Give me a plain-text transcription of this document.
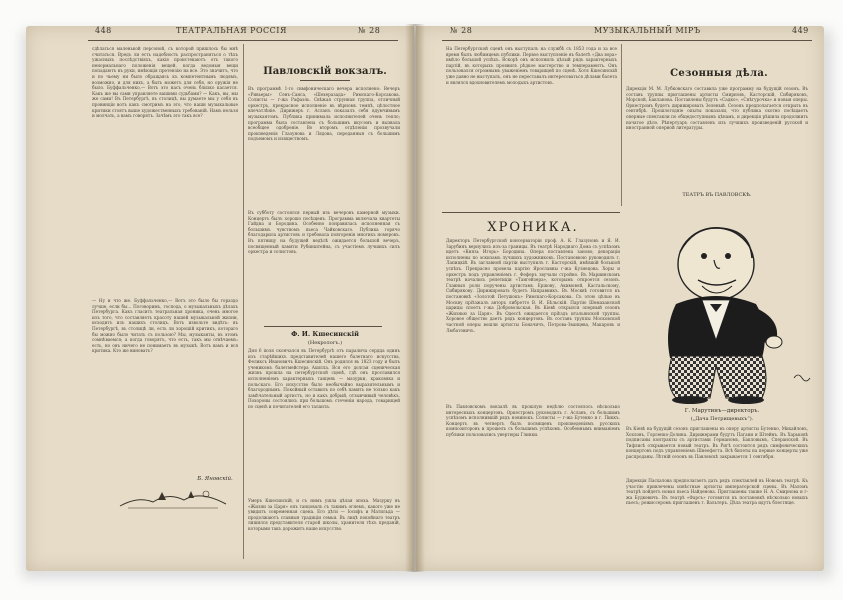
448	ТЕАТРАЛЬНАЯ РОССІЯ	№ 28
сдѣлаться маленькой персоной, съ которой пришлось бы мнѣ считаться. Вредъ ли есть надобность распространяться о тѣхъ ужасныхъ послѣдствіяхъ, какія проистекаютъ отъ такого ненормальнаго положенія вещей, когда ведомыя вещи попадаютъ въ руки, имѣющія претензію на все. Это значитъ, что и по чьему ни было обращаясь къ компетентнымъ людямъ, возможно, и для нихъ, а быть можетъ для себя, но оружія не было. Буффальченко,— Вотъ это насъ очень близко касается. Какъ же вы сами управляете вашими судьбами? — Какъ, вы, мы же сами! Въ Петербургѣ, въ столицѣ, вы думаете мы у себя въ провинціи вотъ какъ смотримъ на это, что наши музыкальные критики стоятъ выше художественныхъ требованій. Намъ нельзя и молчать, а вамъ говорятъ. Зачѣмъ это такъ все?
— Ну и что же. Буффальченко,— Вотъ это было бы гораздо лучше, если бы... Поговоримъ, господа, о музыкальныхъ дѣлахъ Петербурга. Какъ гласитъ театральная хроника, очень многое изъ того, что составляетъ красоту нашей музыкальной жизни, исходитъ изъ нашихъ столицъ. Вотъ извольте видѣть: въ Петербургѣ, въ столицѣ ли, есть ли хорошій критикъ, котораго бы можно было читать съ пользою? Мы, музыканты, въ этомъ сомнѣваемся; а когда говорятъ, что есть, такъ мы отвѣчаемъ: есть, но онъ ничего не понимаетъ въ музыкѣ. Вотъ вамъ и вся критика. Кто же виноватъ?
Павловскій вокзалъ.
Въ программѣ 1-го симфоническаго вечера исполнено: Вечеръ «Ривьеры» Сенъ-Санса, «Шехеразада» Римскаго-Корсакова. Солисты — г-жа Рафаэль. Свѣжая струнная группа, отличный оркестръ, прекрасное исполненіе въ вѣрномъ темпѣ, цѣлостное впечатлѣніе. Дирижеръ г. Асланъ показалъ себя вдумчивымъ музыкантомъ. Публика принимала исполнителей очень тепло; программа была составлена съ большимъ вкусомъ и вызвала всеобщее одобреніе. Во второмъ отдѣленіи прозвучали произведенія Глазунова и Лядова, переданныя съ большимъ подъемомъ и изяществомъ.
Въ субботу состоялся первый изъ вечеровъ камерной музыки. Концертъ былъ хорошо посѣщенъ. Программа включала квартеты Гайдна и Бородина. Особенно понравилась исполненная съ большимъ чувствомъ пьеса Чайковскаго. Публика горячо благодарила артистовъ и требовала повторенія многихъ номеровъ. Въ пятницу на будущей недѣлѣ ожидается большой вечеръ, посвященный памяти Рубинштейна, съ участіемъ лучшихъ силъ оркестра и солистовъ.
Ф. И. Кшесинскій
(Некрологъ.)
Дня 6 іюля скончался въ Петербургѣ отъ паралича сердца одинъ изъ старѣйшихъ представителей нашего балетнаго искусства, Феликсъ Ивановичъ Кшесинскій. Онъ родился въ 1823 году и былъ ученикомъ балетмейстера Ахилла. Вся его долгая сценическая жизнь прошла на петербургской сценѣ, гдѣ онъ прославился исполненіемъ характерныхъ танцевъ — мазурки, краковяка и польскаго. Его искусство было необычайно выразительнымъ и благороднымъ. Покойный оставилъ по себѣ память не только какъ замѣчательный артистъ, но и какъ добрый, отзывчивый человѣкъ. Похороны состоялись при большомъ стеченіи народа, товарищей по сценѣ и почитателей его таланта.
Умеръ Кшесинскій, и съ нимъ ушла цѣлая эпоха. Мазурку въ «Жизни за Царя» онъ танцовалъ съ такимъ огнемъ, какого уже не увидитъ современная сцена. Его дѣти — Іосифъ и Матильда — продолжаютъ славныя традиціи семьи. Въ лицѣ покойнаго театръ лишился представителя старой школы, хранителя тѣхъ преданій, которыми такъ дорожитъ наше искусство.
Б. Яновскій.
№ 28	МУЗЫКАЛЬНЫЙ МІРЪ	449
На Петербургской сценѣ онъ выступалъ на службѣ съ 1853 года и за все время былъ любимцемъ публики. Первое выступленіе въ балетѣ «Два вора» имѣло большой успѣхъ. Вскорѣ онъ исполнилъ цѣлый рядъ характерныхъ партій, въ которыхъ проявилъ рѣдкое мастерство и темпераментъ. Онъ пользовался огромнымъ уваженіемъ товарищей по сценѣ. Хотя Кшесинскій уже давно не выступалъ, онъ не переставалъ интересоваться дѣлами балета и являлся вдохновителемъ молодыхъ артистовъ.
Сезонныя дѣла.
Дирекція М. М. Лубковскаго составила уже программу на будущій сезонъ. Въ составъ труппы приглашены артисты Смирновъ, Касторскій, Сибиряковъ, Морской, Бакланова. Поставлены будутъ «Садко», «Снѣгурочка» и новыя оперы. Оркестромъ будетъ дирижировать Зеленый. Сезонъ предполагается открыть въ сентябрѣ. Прошлогодніе опыты показали, что публика охотно посѣщаетъ оперные спектакли по общедоступнымъ цѣнамъ, и дирекція рѣшила продолжить начатое дѣло. Рѣпертуаръ составленъ изъ лучшихъ произведеній русской и иностранной оперной литературы.
ТЕАТРЪ ВЪ ПАВЛОВСКѢ.
ХРОНИКА.
Директоръ Петербургской консерваторіи проф. А. К. Глазуновъ и Я. И. Зарубинъ вернулись изъ-за границы. Въ театрѣ Народнаго Дома съ успѣхомъ идетъ «Князь Игорь» Бородина. Опера поставлена заново; декораціи исполнены по эскизамъ лучшихъ художниковъ. Постановкою руководилъ г. Лапицкій. Въ заглавной партіи выступилъ г. Касторскій, имѣвшій большой успѣхъ. Прекрасно провела партію Ярославны г-жа Кузнецова. Хоры и оркестръ подъ управленіемъ г. Феферъ звучали стройно. Въ Мариинскомъ театрѣ начались репетиціи «Тангейзера», которымъ откроется сезонъ. Главныя роли поручены артистамъ Ершову, Акимовой, Кастальскому, Сибирякову. Дирижировать будетъ Направникъ. Въ Москвѣ готовится къ постановкѣ «Золотой Петушокъ» Римскаго-Корсакова. Съ этою цѣлью въ Москву пріѣзжалъ авторъ либретто В. И. Бѣльскій. Партію Шемаханской царицы споетъ г-жа Добровольская. Въ Кіевѣ открылся оперный сезонъ «Жизнью за Царя». Въ Одессѣ ожидается пріѣздъ итальянской труппы. Хоровое общество даетъ рядъ концертовъ. Въ составъ труппы Московской частной оперы вошли артисты Боначичъ, Петрова-Званцева, Макаровъ и Любатовичъ.
Въ Павловскомъ вокзалѣ въ прошлую недѣлю состоялось нѣсколько интересныхъ концертовъ. Оркестромъ руководилъ г. Асланъ, съ большимъ успѣхомъ исполнившій рядъ новинокъ. Солисты — г-жа Бутенко и г. Пиккъ. Концертъ въ четвергъ былъ посвященъ произведеніямъ русскихъ композиторовъ и прошелъ съ большимъ успѣхомъ. Особеннымъ вниманіемъ публики пользовались увертюры Глинки.
Г. Марутинъ—директоръ.
(„Дача Петрищевыхъ“).
Въ Кіевѣ на будущій сезонъ приглашены въ оперу артисты Бутенко, Михайловъ, Хохловъ, Горленко-Долина. Дирижерами будутъ Пагани и Штейнъ. Въ Харьковѣ подписаны контракты съ артистами Германомъ, Бакловымъ, Сперанской. Въ Тифлисѣ открывается новый театръ. Въ Ригѣ состоится рядъ симфоническихъ концертовъ подъ управленіемъ Шнеефогта. Всѣ билеты на первые концерты уже распроданы. Лѣтній сезонъ въ Павловскѣ закрывается 1 сентября.
Дирекція Пасхалова предполагаетъ дать рядъ спектаклей въ Новомъ театрѣ. Къ участію привлечены извѣстные артисты императорской сцены. Въ Маломъ театрѣ пойдетъ новая пьеса Найденова. Приглашены также Н. А. Смирнова и г-жа Будкевичъ. Въ театрѣ «Фарсъ» готовятся къ постановкѣ нѣсколько новыхъ пьесъ; режиссеромъ приглашенъ г. Вальтеръ. Дѣла театра идутъ блестяще.
